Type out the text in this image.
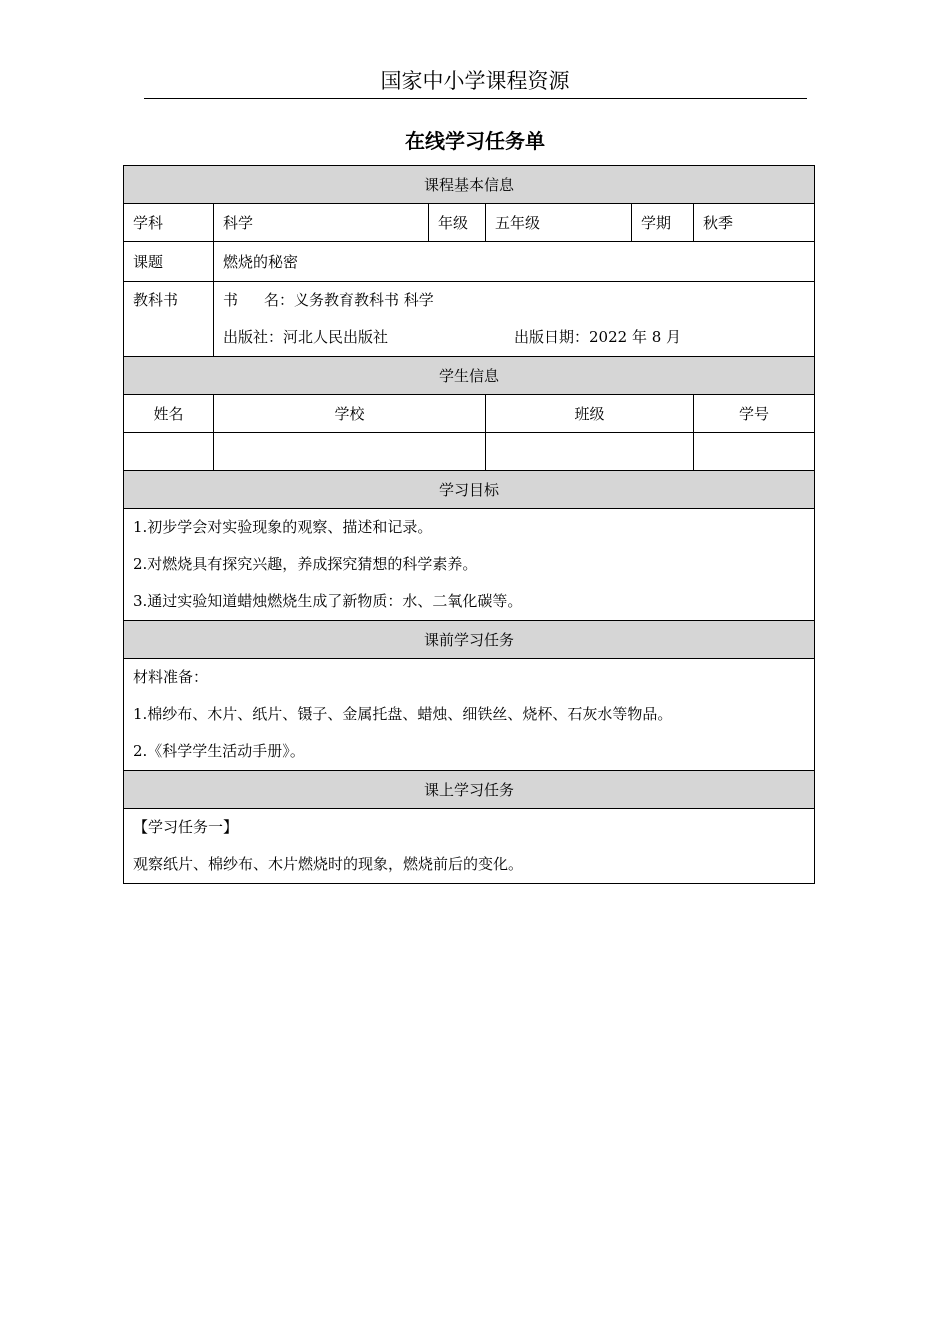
国家中小学课程资源
在线学习任务单
课程基本信息					
学科	科学	年级	五年级	学期	秋季
课题	燃烧的秘密				

教科书	书 名：义务教育教科书 科学
出版社：河北人民出版社 出版日期：2022 年 8 月				

学生信息					
姓名	学校		班级		学号

学习目标					

1.初步学会对实验现象的观察、描述和记录。
2.对燃烧具有探究兴趣，养成探究猜想的科学素养。
3.通过实验知道蜡烛燃烧生成了新物质：水、二氧化碳等。					

课前学习任务					

材料准备：
1.棉纱布、木片、纸片、镊子、金属托盘、蜡烛、细铁丝、烧杯、石灰水等物品。
2.《科学学生活动手册》。					

课上学习任务					

【学习任务一】
观察纸片、棉纱布、木片燃烧时的现象，燃烧前后的变化。					
